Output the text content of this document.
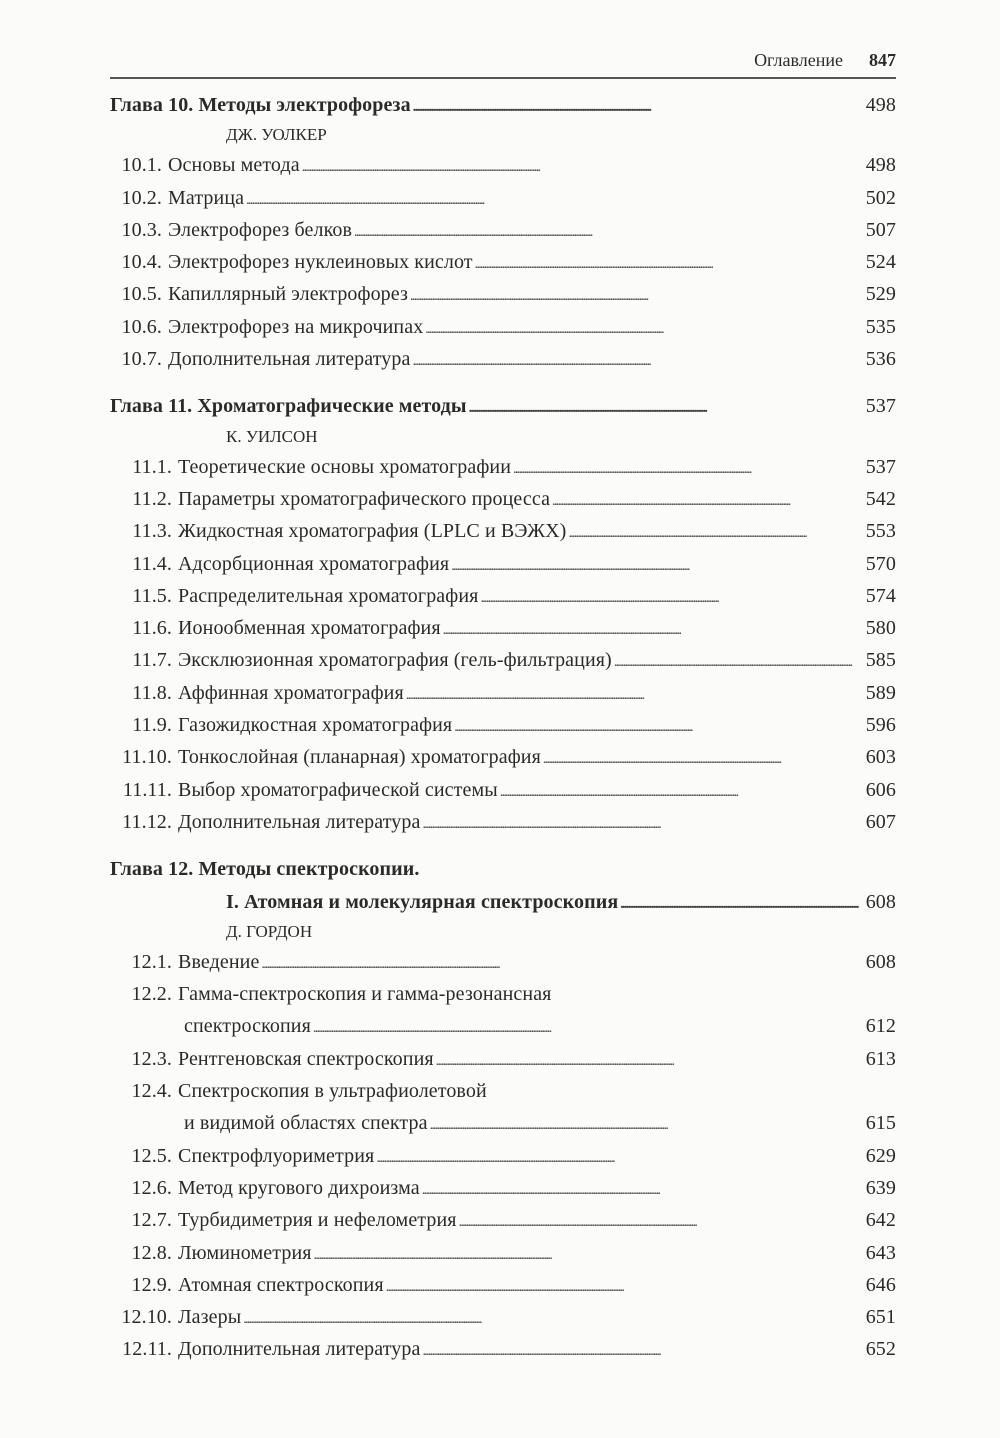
Оглавление 847
Глава 10. Методы электрофореза . . .	498
ДЖ. УОЛКЕР
10.1. Основы метода . . .	498
10.2. Матрица . . .	502
10.3. Электрофорез белков . . .	507
10.4. Электрофорез нуклеиновых кислот . . .	524
10.5. Капиллярный электрофорез . . .	529
10.6. Электрофорез на микрочипах . . .	535
10.7. Дополнительная литература . . .	536
Глава 11. Хроматографические методы . . .	537
К. УИЛСОН
11.1. Теоретические основы хроматографии . . .	537
11.2. Параметры хроматографического процесса . . .	542
11.3. Жидкостная хроматография (LPLC и ВЭЖХ) . . .	553
11.4. Адсорбционная хроматография . . .	570
11.5. Распределительная хроматография . . .	574
11.6. Ионообменная хроматография . . .	580
11.7. Эксклюзионная хроматография (гель-фильтрация) . . .	585
11.8. Аффинная хроматография . . .	589
11.9. Газожидкостная хроматография . . .	596
11.10. Тонкослойная (планарная) хроматография . . .	603
11.11. Выбор хроматографической системы . . .	606
11.12. Дополнительная литература . . .	607
Глава 12. Методы спектроскопии.
I. Атомная и молекулярная спектроскопия . . .	608
Д. ГОРДОН
12.1. Введение . . .	608
12.2. Гамма-спектроскопия и гамма-резонансная
спектроскопия . . .	612
12.3. Рентгеновская спектроскопия . . .	613
12.4. Спектроскопия в ультрафиолетовой
и видимой областях спектра . . .	615
12.5. Спектрофлуориметрия . . .	629
12.6. Метод кругового дихроизма . . .	639
12.7. Турбидиметрия и нефелометрия . . .	642
12.8. Люминометрия . . .	643
12.9. Атомная спектроскопия . . .	646
12.10. Лазеры . . .	651
12.11. Дополнительная литература . . .	652
